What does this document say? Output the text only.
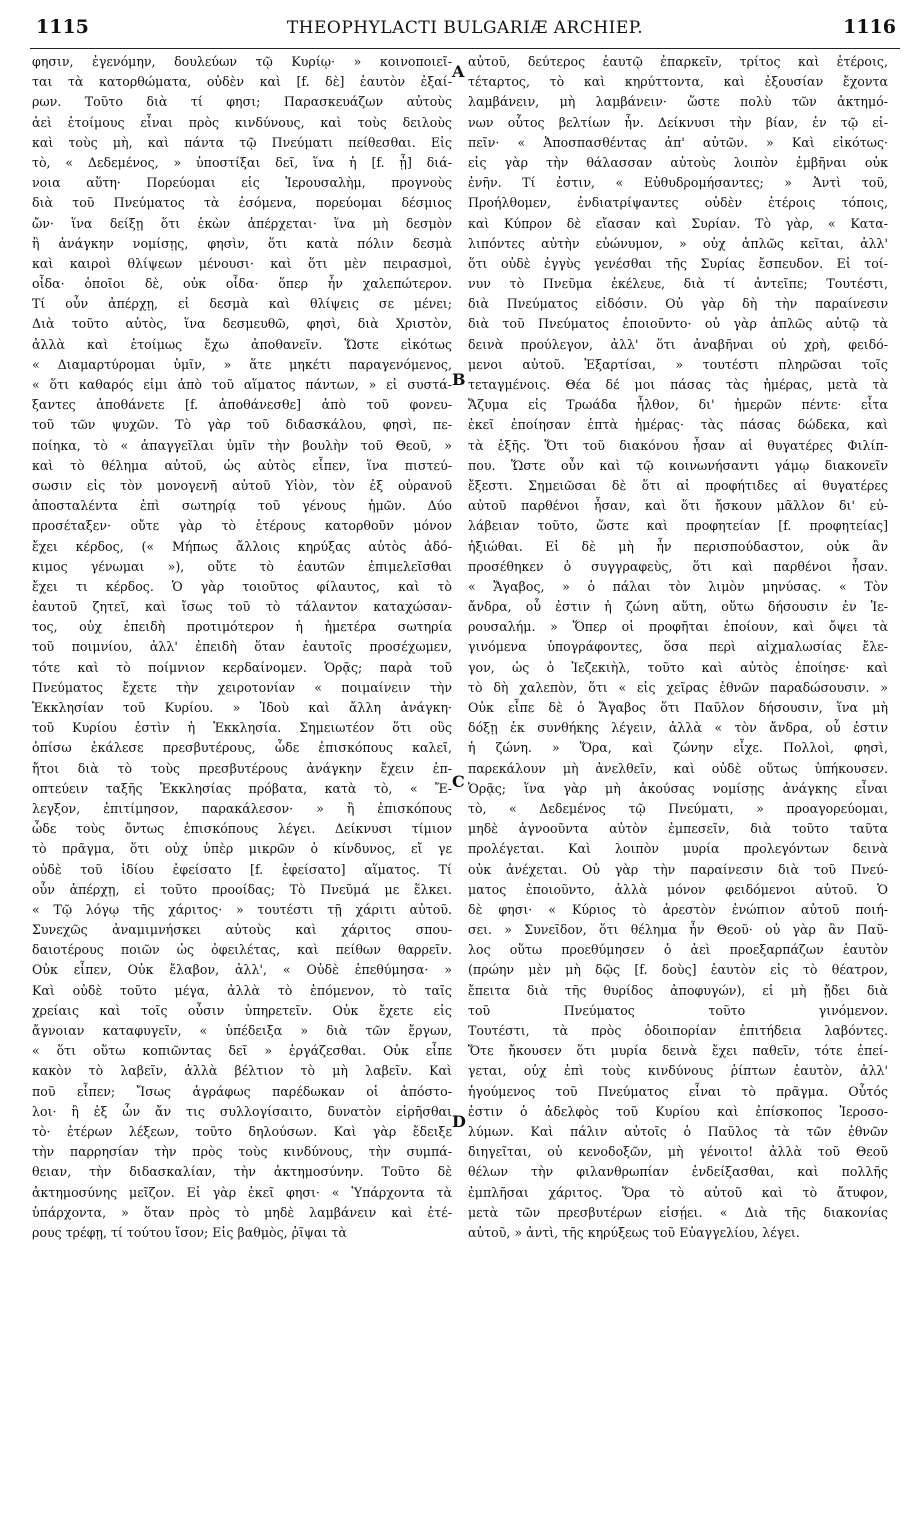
1115	THEOPHYLACTI BULGARIÆ ARCHIEP.	1116
φησιν, ἐγενόμην, δουλεύων τῷ Κυρίῳ· » κοινοποιεῖ-
ται τὰ κατορθώματα, οὐδὲν καὶ [f. δὲ] ἑαυτὸν ἐξαί-
ρων. Τοῦτο διὰ τί φησι; Παρασκευάζων αὐτοὺς
ἀεὶ ἑτοίμους εἶναι πρὸς κινδύνους, καὶ τοὺς δειλοὺς
καὶ τοὺς μὴ, καὶ πάντα τῷ Πνεύματι πείθεσθαι. Εἰς
τὸ, « Δεδεμένος, » ὑποστίξαι δεῖ, ἵνα ἡ [f. ᾖ] διά-
νοια αὕτη· Πορεύομαι εἰς Ἱερουσαλὴμ, προγνοὺς
διὰ τοῦ Πνεύματος τὰ ἐσόμενα, πορεύομαι δέσμιος
ὤν· ἵνα δείξῃ ὅτι ἑκὼν ἀπέρχεται· ἵνα μὴ δεσμὸν
ἢ ἀνάγκην νομίσῃς, φησὶν, ὅτι κατὰ πόλιν δεσμὰ
καὶ καιροὶ θλίψεων μένουσι· καὶ ὅτι μὲν πειρασμοὶ,
οἶδα· ὁποῖοι δὲ, οὐκ οἶδα· ὅπερ ἦν χαλεπώτερον.
Τί οὖν ἀπέρχῃ, εἰ δεσμὰ καὶ θλίψεις σε μένει;
Διὰ τοῦτο αὐτὸς, ἵνα δεσμευθῶ, φησὶ, διὰ Χριστὸν,
ἀλλὰ καὶ ἑτοίμως ἔχω ἀποθανεῖν. Ὥστε εἰκότως
« Διαμαρτύρομαι ὑμῖν, » ἅτε μηκέτι παραγενόμενος,
« ὅτι καθαρός εἰμι ἀπὸ τοῦ αἵματος πάντων, » εἰ συστά-
ξαντες ἀποθάνετε [f. ἀποθάνεσθε] ἀπὸ τοῦ φονευ-
τοῦ τῶν ψυχῶν. Τὸ γὰρ τοῦ διδασκάλου, φησὶ, πε-
ποίηκα, τὸ « ἀπαγγεῖλαι ὑμῖν τὴν βουλὴν τοῦ Θεοῦ, »
καὶ τὸ θέλημα αὐτοῦ, ὡς αὐτὸς εἶπεν, ἵνα πιστεύ-
σωσιν εἰς τὸν μονογενῆ αὐτοῦ Υἱὸν, τὸν ἐξ οὐρανοῦ
ἀποσταλέντα ἐπὶ σωτηρίᾳ τοῦ γένους ἡμῶν. Δύο
προσέταξεν· οὔτε γὰρ τὸ ἑτέρους κατορθοῦν μόνον
ἔχει κέρδος, (« Μήπως ἄλλοις κηρύξας αὐτὸς ἀδό-
κιμος γένωμαι »), οὔτε τὸ ἑαυτῶν ἐπιμελεῖσθαι
ἔχει τι κέρδος. Ὁ γὰρ τοιοῦτος φίλαυτος, καὶ τὸ
ἑαυτοῦ ζητεῖ, καὶ ἴσως τοῦ τὸ τάλαντον καταχώσαν-
τος, οὐχ ἐπειδὴ προτιμότερον ἡ ἡμετέρα σωτηρία
τοῦ ποιμνίου, ἀλλ' ἐπειδὴ ὅταν ἑαυτοῖς προσέχωμεν,
τότε καὶ τὸ ποίμνιον κερδαίνομεν. Ὁρᾷς; παρὰ τοῦ
Πνεύματος ἔχετε τὴν χειροτονίαν « ποιμαίνειν τὴν
Ἐκκλησίαν τοῦ Κυρίου. » Ἰδοὺ καὶ ἄλλη ἀνάγκη·
τοῦ Κυρίου ἐστὶν ἡ Ἐκκλησία. Σημειωτέον ὅτι οὓς
ὀπίσω ἐκάλεσε πρεσβυτέρους, ὧδε ἐπισκόπους καλεῖ,
ἤτοι διὰ τὸ τοὺς πρεσβυτέρους ἀνάγκην ἔχειν ἐπ-
οπτεύειν ταξῆς Ἐκκλησίας πρόβατα, κατὰ τὸ, « Ἔ-
λεγξον, ἐπιτίμησον, παρακάλεσον· » ἢ ἐπισκόπους
ὧδε τοὺς ὄντως ἐπισκόπους λέγει. Δείκνυσι τίμιον
τὸ πρᾶγμα, ὅτι οὐχ ὑπὲρ μικρῶν ὁ κίνδυνος, εἴ γε
οὐδὲ τοῦ ἰδίου ἐφείσατο [f. ἐφείσατο] αἵματος. Τί
οὖν ἀπέρχῃ, εἰ τοῦτο προοίδας; Τὸ Πνεῦμά με ἕλκει.
« Τῷ λόγῳ τῆς χάριτος· » τουτέστι τῇ χάριτι αὐτοῦ.
Συνεχῶς ἀναμιμνήσκει αὐτοὺς καὶ χάριτος σπου-
δαιοτέρους ποιῶν ὡς ὀφειλέτας, καὶ πείθων θαρρεῖν.
Οὐκ εἶπεν, Οὐκ ἔλαβον, ἀλλ', « Οὐδὲ ἐπεθύμησα· »
Καὶ οὐδὲ τοῦτο μέγα, ἀλλὰ τὸ ἑπόμενον, τὸ ταῖς
χρείαις καὶ τοῖς οὖσιν ὑπηρετεῖν. Οὐκ ἔχετε εἰς
ἄγνοιαν καταφυγεῖν, « ὑπέδειξα » διὰ τῶν ἔργων,
« ὅτι οὕτω κοπιῶντας δεῖ » ἐργάζεσθαι. Οὐκ εἶπε
κακὸν τὸ λαβεῖν, ἀλλὰ βέλτιον τὸ μὴ λαβεῖν. Καὶ
ποῦ εἶπεν; Ἴσως ἀγράφως παρέδωκαν οἱ ἀπόστο-
λοι· ἢ ἐξ ὧν ἄν τις συλλογίσαιτο, δυνατὸν εἰρῆσθαι
τὸ· ἑτέρων λέξεων, τοῦτο δηλούσων. Καὶ γὰρ ἔδειξε
τὴν παρρησίαν τὴν πρὸς τοὺς κινδύνους, τὴν συμπά-
θειαν, τὴν διδασκαλίαν, τὴν ἀκτημοσύνην. Τοῦτο δὲ
ἀκτημοσύνης μεῖζον. Εἰ γὰρ ἐκεῖ φησι· « Ὑπάρχοντα τὰ
ὑπάρχοντα, » ὅταν πρὸς τὸ μηδὲ λαμβάνειν καὶ ἑτέ-
ρους τρέφῃ, τί τούτου ἴσον; Εἰς βαθμὸς, ῥῖψαι τὰ
αὐτοῦ, δεύτερος ἑαυτῷ ἐπαρκεῖν, τρίτος καὶ ἑτέροις,
τέταρτος, τὸ καὶ κηρύττοντα, καὶ ἐξουσίαν ἔχοντα
λαμβάνειν, μὴ λαμβάνειν· ὥστε πολὺ τῶν ἀκτημό-
νων οὗτος βελτίων ἦν. Δείκνυσι τὴν βίαν, ἐν τῷ εἰ-
πεῖν· « Ἀποσπασθέντας ἀπ' αὐτῶν. » Καὶ εἰκότως·
εἰς γὰρ τὴν θάλασσαν αὐτοὺς λοιπὸν ἐμβῆναι οὐκ
ἐνῆν. Τί ἐστιν, « Εὐθυδρομήσαντες; » Ἀντὶ τοῦ,
Προήλθομεν, ἐνδιατρίψαντες οὐδὲν ἑτέροις τόποις,
καὶ Κύπρον δὲ εἴασαν καὶ Συρίαν. Τὸ γὰρ, « Κατα-
λιπόντες αὐτὴν εὐώνυμον, » οὐχ ἁπλῶς κεῖται, ἀλλ'
ὅτι οὐδὲ ἐγγὺς γενέσθαι τῆς Συρίας ἔσπευδον. Εἰ τοί-
νυν τὸ Πνεῦμα ἐκέλευε, διὰ τί ἀντεῖπε; Τουτέστι,
διὰ Πνεύματος εἰδόσιν. Οὐ γὰρ δὴ τὴν παραίνεσιν
διὰ τοῦ Πνεύματος ἐποιοῦντο· οὐ γὰρ ἁπλῶς αὐτῷ τὰ
δεινὰ προύλεγον, ἀλλ' ὅτι ἀναβῆναι οὐ χρὴ, φειδό-
μενοι αὐτοῦ. Ἐξαρτίσαι, » τουτέστι πληρῶσαι τοῖς
τεταγμένοις. Θέα δέ μοι πάσας τὰς ἡμέρας, μετὰ τὰ
Ἄζυμα εἰς Τρωάδα ἦλθον, δι' ἡμερῶν πέντε· εἶτα
ἐκεῖ ἐποίησαν ἑπτὰ ἡμέρας· τὰς πάσας δώδεκα, καὶ
τὰ ἑξῆς. Ὅτι τοῦ διακόνου ἦσαν αἱ θυγατέρες Φιλίπ-
που. Ὥστε οὖν καὶ τῷ κοινωνήσαντι γάμῳ διακονεῖν
ἔξεστι. Σημειῶσαι δὲ ὅτι αἱ προφήτιδες αἱ θυγατέρες
αὐτοῦ παρθένοι ἦσαν, καὶ ὅτι ἤσκουν μᾶλλον δι' εὐ-
λάβειαν τοῦτο, ὥστε καὶ προφητείαν [f. προφητείας]
ἠξιώθαι. Εἰ δὲ μὴ ἦν περισπούδαστον, οὐκ ἂν
προσέθηκεν ὁ συγγραφεὺς, ὅτι καὶ παρθένοι ἦσαν.
« Ἄγαβος, » ὁ πάλαι τὸν λιμὸν μηνύσας. « Τὸν
ἄνδρα, οὗ ἐστιν ἡ ζώνη αὕτη, οὕτω δήσουσιν ἐν Ἱε-
ρουσαλήμ. » Ὅπερ οἱ προφῆται ἐποίουν, καὶ ὄψει τὰ
γινόμενα ὑπογράφοντες, ὅσα περὶ αἰχμαλωσίας ἔλε-
γον, ὡς ὁ Ἰεζεκιὴλ, τοῦτο καὶ αὐτὸς ἐποίησε· καὶ
τὸ δὴ χαλεπὸν, ὅτι « εἰς χεῖρας ἐθνῶν παραδώσουσιν. »
Οὐκ εἶπε δὲ ὁ Ἄγαβος ὅτι Παῦλον δήσουσιν, ἵνα μὴ
δόξῃ ἐκ συνθήκης λέγειν, ἀλλὰ « τὸν ἄνδρα, οὗ ἐστιν
ἡ ζώνη. » Ὅρα, καὶ ζώνην εἶχε. Πολλοὶ, φησὶ,
παρεκάλουν μὴ ἀνελθεῖν, καὶ οὐδὲ οὕτως ὑπήκουσεν.
Ὁρᾷς; ἵνα γὰρ μὴ ἀκούσας νομίσῃς ἀνάγκης εἶναι
τὸ, « Δεδεμένος τῷ Πνεύματι, » προαγορεύομαι,
μηδὲ ἀγνοοῦντα αὐτὸν ἐμπεσεῖν, διὰ τοῦτο ταῦτα
προλέγεται. Καὶ λοιπὸν μυρία προλεγόντων δεινὰ
οὐκ ἀνέχεται. Οὐ γὰρ τὴν παραίνεσιν διὰ τοῦ Πνεύ-
ματος ἐποιοῦντο, ἀλλὰ μόνον φειδόμενοι αὐτοῦ. Ὁ
δὲ φησι· « Κύριος τὸ ἀρεστὸν ἐνώπιον αὐτοῦ ποιή-
σει. » Συνεῖδον, ὅτι θέλημα ἦν Θεοῦ· οὐ γὰρ ἂν Παῦ-
λος οὕτω προεθύμησεν ὁ ἀεὶ προεξαρπάζων ἑαυτὸν
(πρώην μὲν μὴ δῷς [f. δοὺς] ἑαυτὸν εἰς τὸ θέατρον,
ἔπειτα διὰ τῆς θυρίδος ἀποφυγών), εἰ μὴ ᾔδει διὰ
τοῦ Πνεύματος τοῦτο γινόμενον.
Τουτέστι, τὰ πρὸς ὁδοιπορίαν ἐπιτήδεια λαβόντες.
Ὅτε ἤκουσεν ὅτι μυρία δεινὰ ἔχει παθεῖν, τότε ἐπεί-
γεται, οὐχ ἐπὶ τοὺς κινδύνους ῥίπτων ἑαυτὸν, ἀλλ'
ἡγούμενος τοῦ Πνεύματος εἶναι τὸ πρᾶγμα. Οὗτός
ἐστιν ὁ ἀδελφὸς τοῦ Κυρίου καὶ ἐπίσκοπος Ἱεροσο-
λύμων. Καὶ πάλιν αὐτοῖς ὁ Παῦλος τὰ τῶν ἐθνῶν
διηγεῖται, οὐ κενοδοξῶν, μὴ γένοιτο! ἀλλὰ τοῦ Θεοῦ
θέλων τὴν φιλανθρωπίαν ἐνδείξασθαι, καὶ πολλῆς
ἐμπλῆσαι χάριτος. Ὅρα τὸ αὐτοῦ καὶ τὸ ἄτυφον,
μετὰ τῶν πρεσβυτέρων εἰσῄει. « Διὰ τῆς διακονίας
αὐτοῦ, » ἀντὶ, τῆς κηρύξεως τοῦ Εὐαγγελίου, λέγει.
A
B
C
D
